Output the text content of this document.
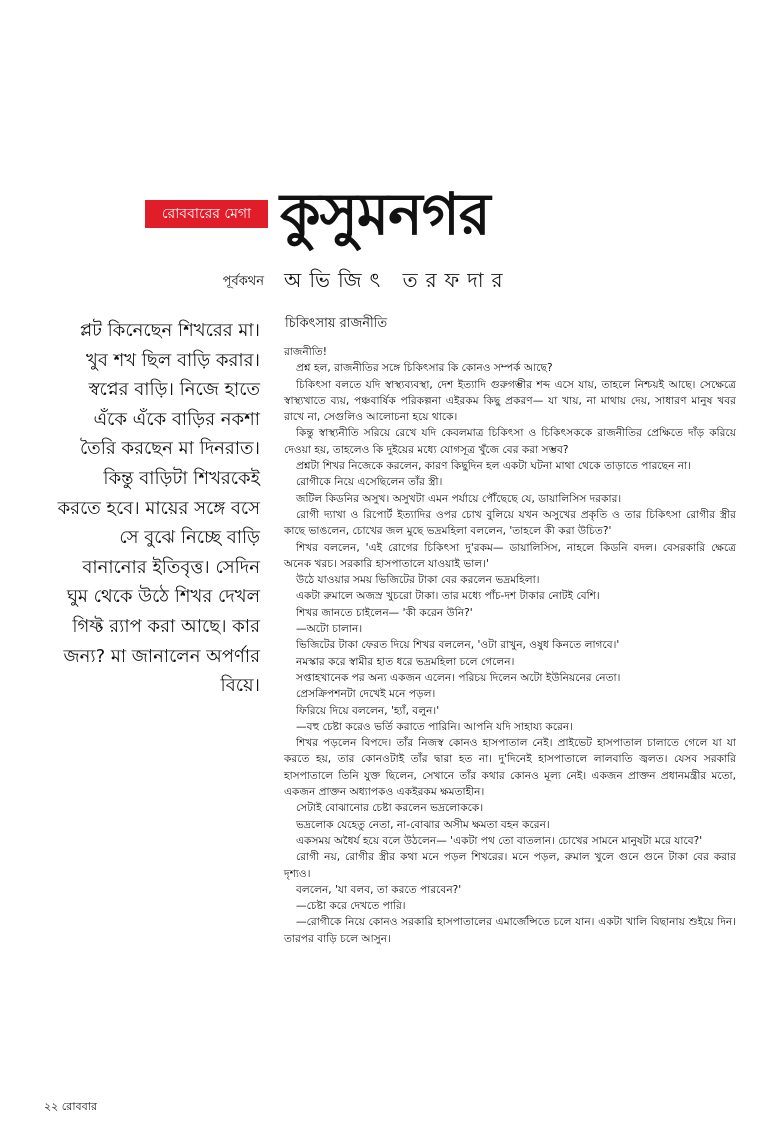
রোববারের মেগা কুসুমনগর
পূর্বকথন অভিজিৎ তরফদার
চিকিৎসায় রাজনীতি

প্লট কিনেছেন শিখরের মা। খুব শখ ছিল বাড়ি করার। স্বপ্নের বাড়ি। নিজে হাতে এঁকে এঁকে বাড়ির নকশা তৈরি করছেন মা দিনরাত। কিন্তু বাড়িটা শিখরকেই করতে হবে। মায়ের সঙ্গে বসে সে বুঝে নিচ্ছে বাড়ি বানানোর ইতিবৃত্ত। সেদিন ঘুম থেকে উঠে শিখর দেখল গিফ্ট র‍্যাপ করা আছে। কার জন্য? মা জানালেন অপর্ণার বিয়ে।

রাজনীতি!
প্রশ্ন হল, রাজনীতির সঙ্গে চিকিৎসার কি কোনও সম্পর্ক আছে?
চিকিৎসা বলতে যদি স্বাস্থ্যব্যবস্থা, দেশ ইত্যাদি গুরুগম্ভীর শব্দ এসে যায়, তাহলে নিশ্চয়ই আছে। সেক্ষেত্রে স্বাস্থ্যখাতে ব্যয়, পঞ্চবার্ষিক পরিকল্পনা এইরকম কিছু প্রকরণ— যা খায়, না মাথায় দেয়, সাধারণ মানুষ খবর রাখে না, সেগুলিও আলোচনা হয়ে থাকে।
কিন্তু স্বাস্থ্যনীতি সরিয়ে রেখে যদি কেবলমাত্র চিকিৎসা ও চিকিৎসককে রাজনীতির প্রেক্ষিতে দাঁড় করিয়ে দেওয়া হয়, তাহলেও কি দুইয়ের মধ্যে যোগসূত্র খুঁজে বের করা সম্ভব?
প্রশ্নটা শিখর নিজেকে করলেন, কারণ কিছুদিন হল একটা ঘটনা মাথা থেকে তাড়াতে পারছেন না।
রোগীকে নিয়ে এসেছিলেন তাঁর স্ত্রী।
জটিল কিডনির অসুখ। অসুখটা এমন পর্যায়ে পৌঁছেছে যে, ডায়ালিসিস দরকার।
রোগী দ্যাখা ও রিপোর্ট ইত্যাদির ওপর চোখ বুলিয়ে যখন অসুখের প্রকৃতি ও তার চিকিৎসা রোগীর স্ত্রীর কাছে ভাঙলেন, চোখের জল মুছে ভদ্রমহিলা বললেন, 'তাহলে কী করা উচিত?'
শিখর বললেন, 'এই রোগের চিকিৎসা দু'রকম— ডায়ালিসিস, নাহলে কিডনি বদল। বেসরকারি ক্ষেত্রে অনেক খরচ। সরকারি হাসপাতালে যাওয়াই ভাল।'
উঠে যাওয়ার সময় ভিজিটের টাকা বের করলেন ভদ্রমহিলা।
একটা রুমালে অজস্র খুচরো টাকা। তার মধ্যে পাঁচ-দশ টাকার নোটই বেশি।
শিখর জানতে চাইলেন— 'কী করেন উনি?'
—অটো চালান।
ভিজিটের টাকা ফেরত দিয়ে শিখর বললেন, 'ওটা রাখুন, ওষুধ কিনতে লাগবে।'
নমস্কার করে স্বামীর হাত ধরে ভদ্রমহিলা চলে গেলেন।
সপ্তাহখানেক পর অন্য একজন এলেন। পরিচয় দিলেন অটো ইউনিয়নের নেতা।
প্রেসক্রিপশনটা দেখেই মনে পড়ল।
ফিরিয়ে দিয়ে বললেন, 'হ্যাঁ, বলুন।'
—বহু চেষ্টা করেও ভর্তি করাতে পারিনি। আপনি যদি সাহায্য করেন।
শিখর পড়লেন বিপদে। তাঁর নিজস্ব কোনও হাসপাতাল নেই। প্রাইভেট হাসপাতাল চালাতে গেলে যা যা করতে হয়, তার কোনওটাই তাঁর দ্বারা হত না। দু'দিনেই হাসপাতালে লালবাতি জ্বলত। যেসব সরকারি হাসপাতালে তিনি যুক্ত ছিলেন, সেখানে তাঁর কথার কোনও মূল্য নেই। একজন প্রাক্তন প্রধানমন্ত্রীর মতো, একজন প্রাক্তন অধ্যাপকও একইরকম ক্ষমতাহীন।
সেটাই বোঝানোর চেষ্টা করলেন ভদ্রলোককে।
ভদ্রলোক যেহেতু নেতা, না-বোঝার অসীম ক্ষমতা বহন করেন।
একসময় অধৈর্য হয়ে বলে উঠলেন— 'একটা পথ তো বাতলান। চোখের সামনে মানুষটা মরে যাবে?'
রোগী নয়, রোগীর স্ত্রীর কথা মনে পড়ল শিখরের। মনে পড়ল, রুমাল খুলে গুনে গুনে টাকা বের করার দৃশ্যও।
বললেন, 'যা বলব, তা করতে পারবেন?'
—চেষ্টা করে দেখতে পারি।
—রোগীকে নিয়ে কোনও সরকারি হাসপাতালের এমার্জেন্সিতে চলে যান। একটা খালি বিছানায় শুইয়ে দিন। তারপর বাড়ি চলে আসুন।
২২ রোববার
